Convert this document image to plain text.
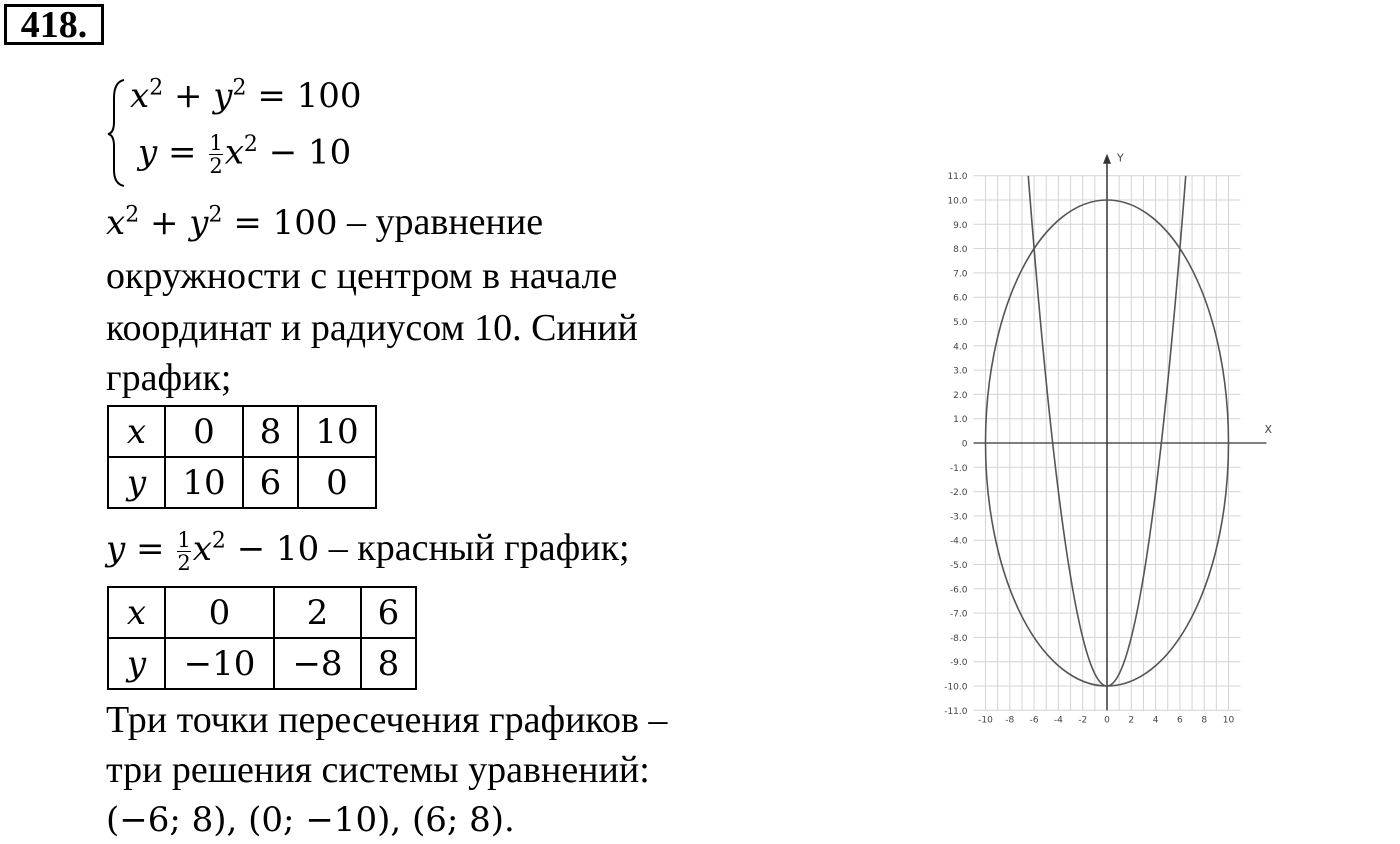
418.
$x^2 + y^2 = 100$
$y = \frac{1}{2} x^2 - 10$
$x^2 + y^2 = 100$ – уравнение
окружности с центром в начале
координат и радиусом 10. Синий
график;
x	0	8	10
y	10	6	0
$y = \frac{1}{2} x^2 - 10$ – красный график;
x	0	2	6
y	−10	−8	8
Три точки пересечения графиков –
три решения системы уравнений:
(−6; 8), (0; −10), (6; 8).
Y
X
11.0
10.0
9.0
8.0
7.0
6.0
5.0
4.0
3.0
2.0
1.0
0
-1.0
-2.0
-3.0
-4.0
-5.0
-6.0
-7.0
-8.0
-9.0
-10.0
-11.0
-10 -8 -6 -4 -2 0 2 4 6 8 10
